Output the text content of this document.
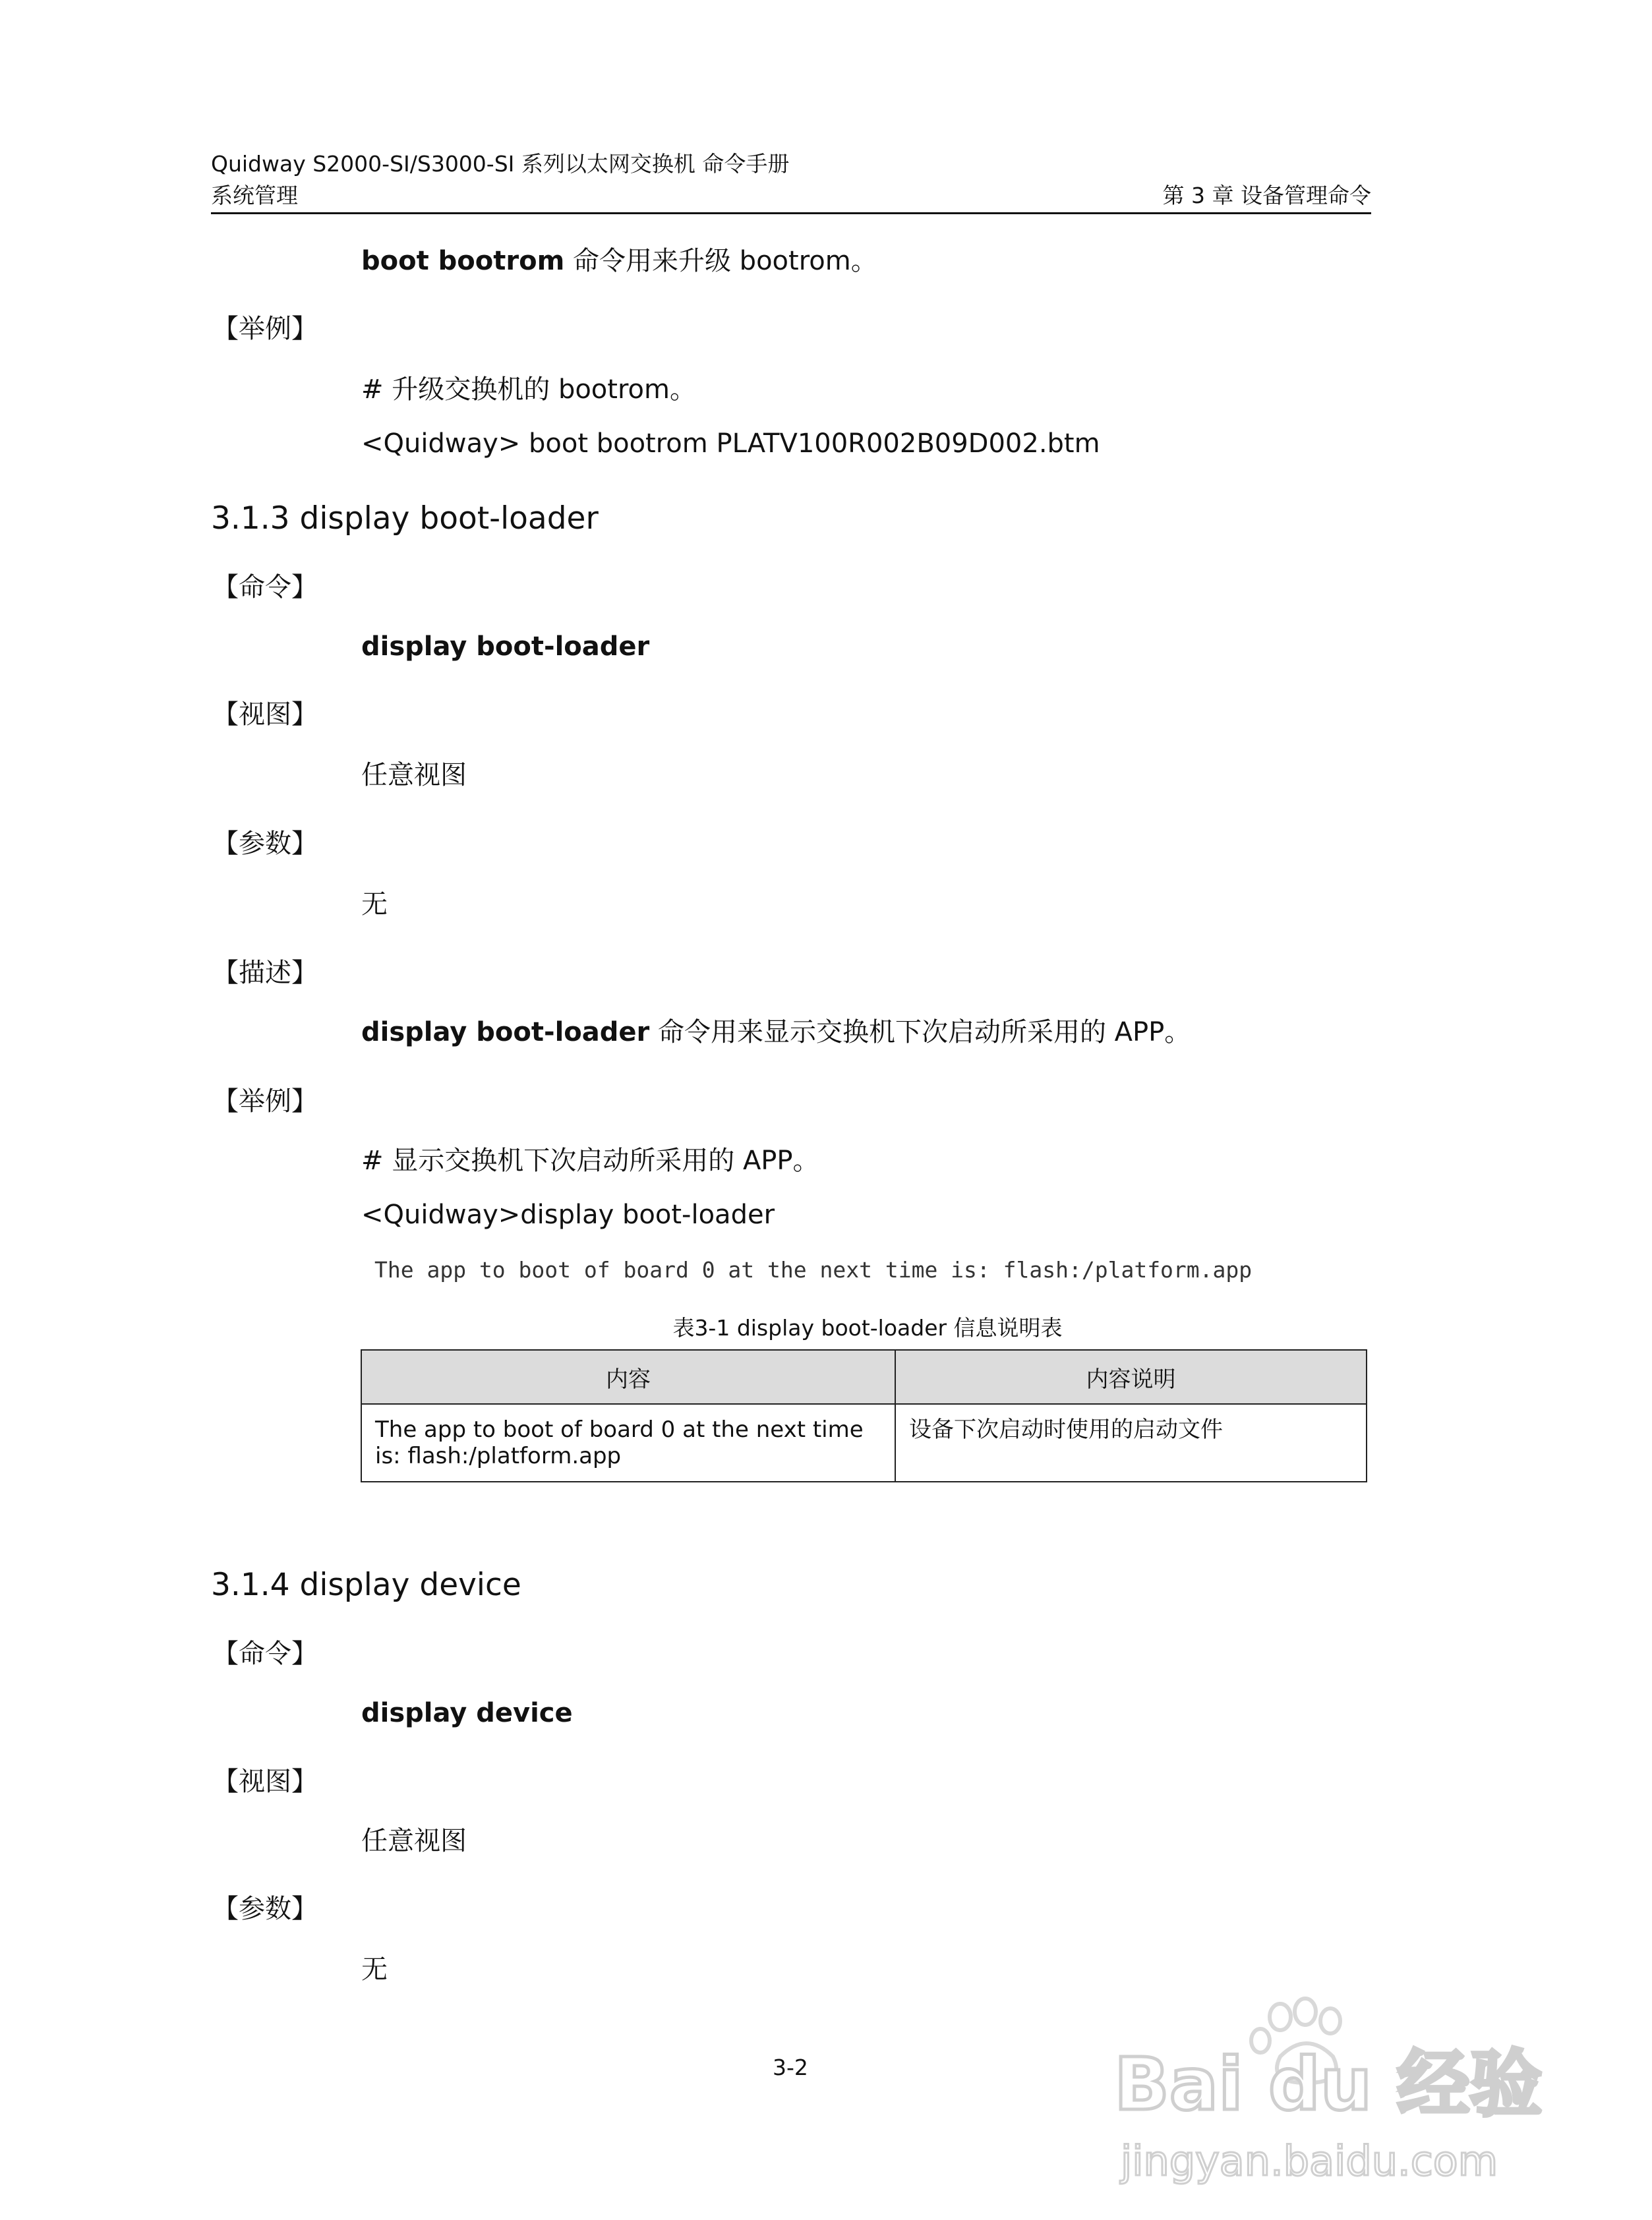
Quidway S2000-SI/S3000-SI 系列以太网交换机 命令手册
系统管理	第 3 章 设备管理命令
boot bootrom 命令用来升级 bootrom。
【举例】
# 升级交换机的 bootrom。
<Quidway> boot bootrom PLATV100R002B09D002.btm
3.1.3 display boot-loader
【命令】
display boot-loader
【视图】
任意视图
【参数】
无
【描述】
display boot-loader 命令用来显示交换机下次启动所采用的 APP。
【举例】
# 显示交换机下次启动所采用的 APP。
<Quidway>display boot-loader
The app to boot of board 0 at the next time is: flash:/platform.app
表3-1 display boot-loader 信息说明表
内容	内容说明
The app to boot of board 0 at the next time is: flash:/platform.app	设备下次启动时使用的启动文件
3.1.4 display device
【命令】
display device
【视图】
任意视图
【参数】
无
3-2	Bai du 经验
jingyan.baidu.com
